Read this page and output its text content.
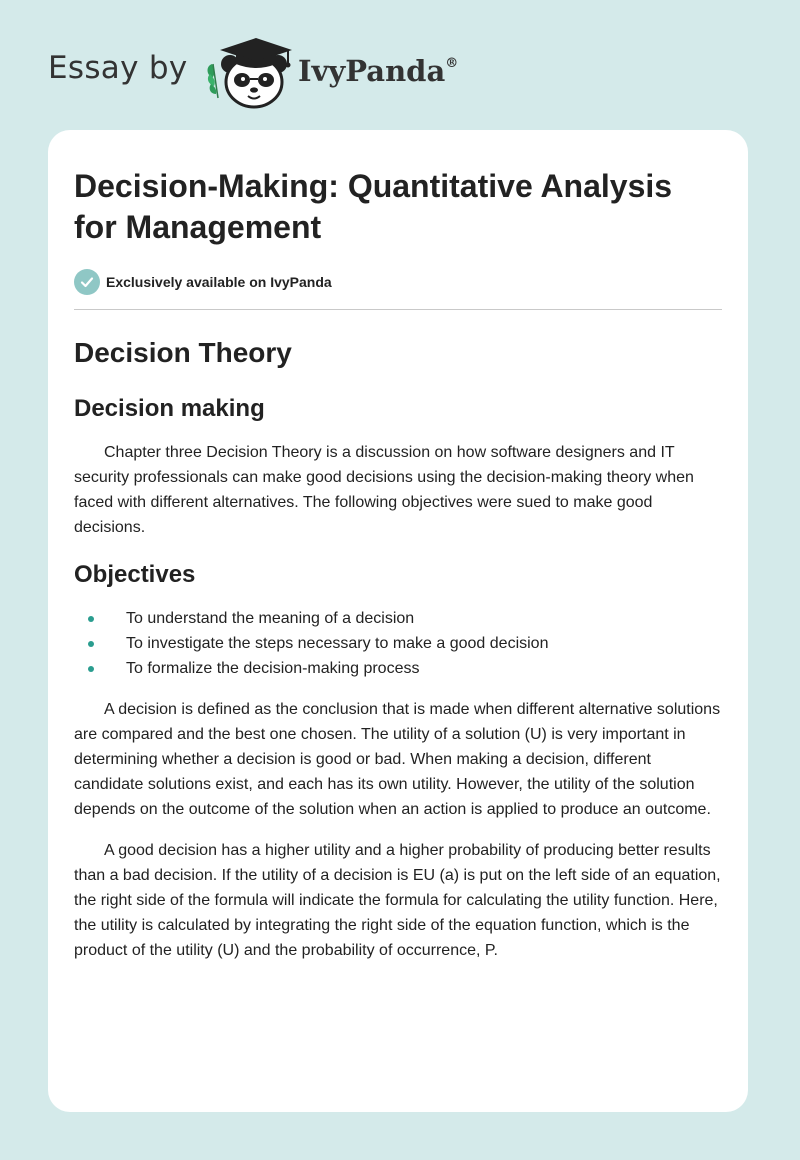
Essay by	IvyPanda®
Decision-Making: Quantitative Analysis for Management
Exclusively available on IvyPanda
Decision Theory
Decision making

Chapter three Decision Theory is a discussion on how software designers and IT security professionals can make good decisions using the decision-making theory when faced with different alternatives. The following objectives were sued to make good decisions.

Objectives
To understand the meaning of a decision
To investigate the steps necessary to make a good decision
To formalize the decision-making process

A decision is defined as the conclusion that is made when different alternative solutions are compared and the best one chosen. The utility of a solution (U) is very important in determining whether a decision is good or bad. When making a decision, different candidate solutions exist, and each has its own utility. However, the utility of the solution depends on the outcome of the solution when an action is applied to produce an outcome.

A good decision has a higher utility and a higher probability of producing better results than a bad decision. If the utility of a decision is EU (a) is put on the left side of an equation, the right side of the formula will indicate the formula for calculating the utility function. Here, the utility is calculated by integrating the right side of the equation function, which is the product of the utility (U) and the probability of occurrence, P.
